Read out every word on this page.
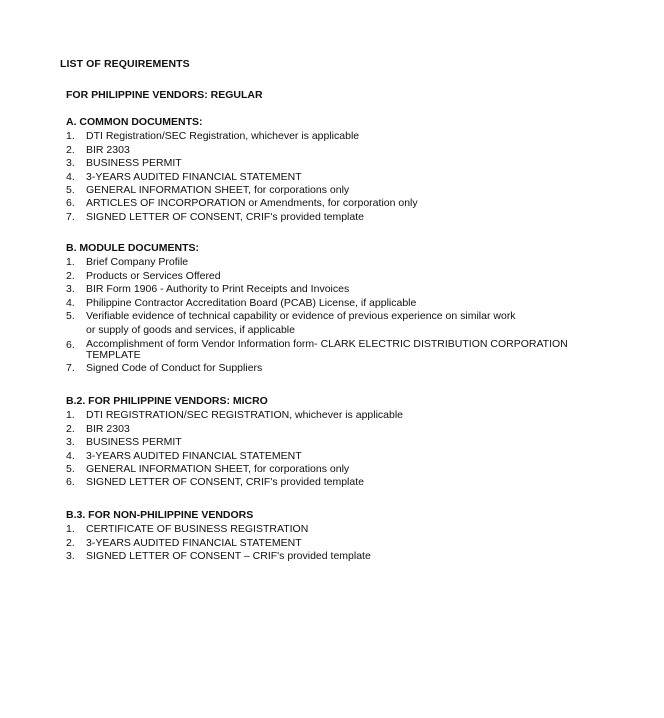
LIST OF REQUIREMENTS
FOR PHILIPPINE VENDORS: REGULAR
A. COMMON DOCUMENTS:
1. DTI Registration/SEC Registration, whichever is applicable
2. BIR 2303
3. BUSINESS PERMIT
4. 3-YEARS AUDITED FINANCIAL STATEMENT
5. GENERAL INFORMATION SHEET, for corporations only
6. ARTICLES OF INCORPORATION or Amendments, for corporation only
7. SIGNED LETTER OF CONSENT, CRIF's provided template
B. MODULE DOCUMENTS:
1. Brief Company Profile
2. Products or Services Offered
3. BIR Form 1906 - Authority to Print Receipts and Invoices
4. Philippine Contractor Accreditation Board (PCAB) License, if applicable
5. Verifiable evidence of technical capability or evidence of previous experience on similar work
or supply of goods and services, if applicable
6. Accomplishment of form Vendor Information form- CLARK ELECTRIC DISTRIBUTION CORPORATION TEMPLATE
7. Signed Code of Conduct for Suppliers
B.2. FOR PHILIPPINE VENDORS: MICRO
1. DTI REGISTRATION/SEC REGISTRATION, whichever is applicable
2. BIR 2303
3. BUSINESS PERMIT
4. 3-YEARS AUDITED FINANCIAL STATEMENT
5. GENERAL INFORMATION SHEET, for corporations only
6. SIGNED LETTER OF CONSENT, CRIF's provided template
B.3. FOR NON-PHILIPPINE VENDORS
1. CERTIFICATE OF BUSINESS REGISTRATION
2. 3-YEARS AUDITED FINANCIAL STATEMENT
3. SIGNED LETTER OF CONSENT – CRIF's provided template
